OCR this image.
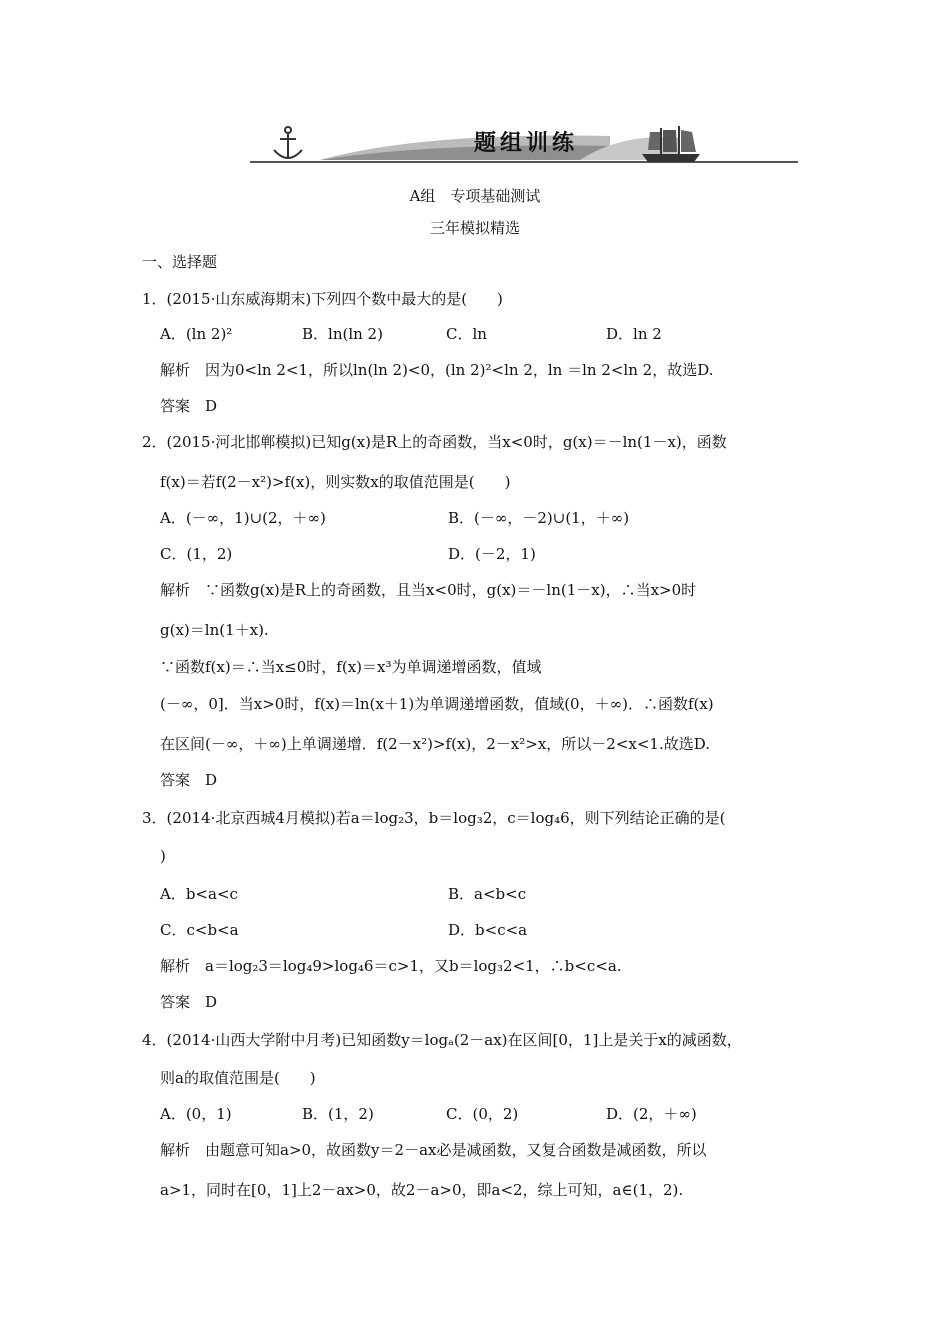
题组训练
A组　专项基础测试
三年模拟精选
一、选择题
1．(2015·山东威海期末)下列四个数中最大的是(　　)
A．(ln 2)²	B．ln(ln 2)	C．ln	D．ln 2
解析　因为0<ln 2<1，所以ln(ln 2)<0，(ln 2)²<ln 2，ln ＝ln 2<ln 2，故选D.
答案　D
2．(2015·河北邯郸模拟)已知g(x)是R上的奇函数，当x<0时，g(x)＝－ln(1－x)，函数
f(x)＝若f(2－x²)>f(x)，则实数x的取值范围是(　　)
A．(－∞，1)∪(2，＋∞)	B．(－∞，－2)∪(1，＋∞)
C．(1，2)	D．(－2，1)
解析　∵函数g(x)是R上的奇函数，且当x<0时，g(x)＝－ln(1－x)，∴当x>0时
g(x)＝ln(1＋x).
∵函数f(x)＝∴当x≤0时，f(x)＝x³为单调递增函数，值域
(－∞，0]．当x>0时，f(x)＝ln(x＋1)为单调递增函数，值域(0，＋∞)．∴函数f(x)
在区间(－∞，＋∞)上单调递增．f(2－x²)>f(x)，2－x²>x，所以－2<x<1.故选D.
答案　D
3．(2014·北京西城4月模拟)若a＝log₂3，b＝log₃2，c＝log₄6，则下列结论正确的是(
)
A．b<a<c	B．a<b<c
C．c<b<a	D．b<c<a
解析　a＝log₂3＝log₄9>log₄6＝c>1，又b＝log₃2<1，∴b<c<a.
答案　D
4．(2014·山西大学附中月考)已知函数y＝logₐ(2－ax)在区间[0，1]上是关于x的减函数，
则a的取值范围是(　　)
A．(0，1)	B．(1，2)	C．(0，2)	D．(2，＋∞)
解析　由题意可知a>0，故函数y＝2－ax必是减函数，又复合函数是减函数，所以
a>1，同时在[0，1]上2－ax>0，故2－a>0，即a<2，综上可知，a∈(1，2).
